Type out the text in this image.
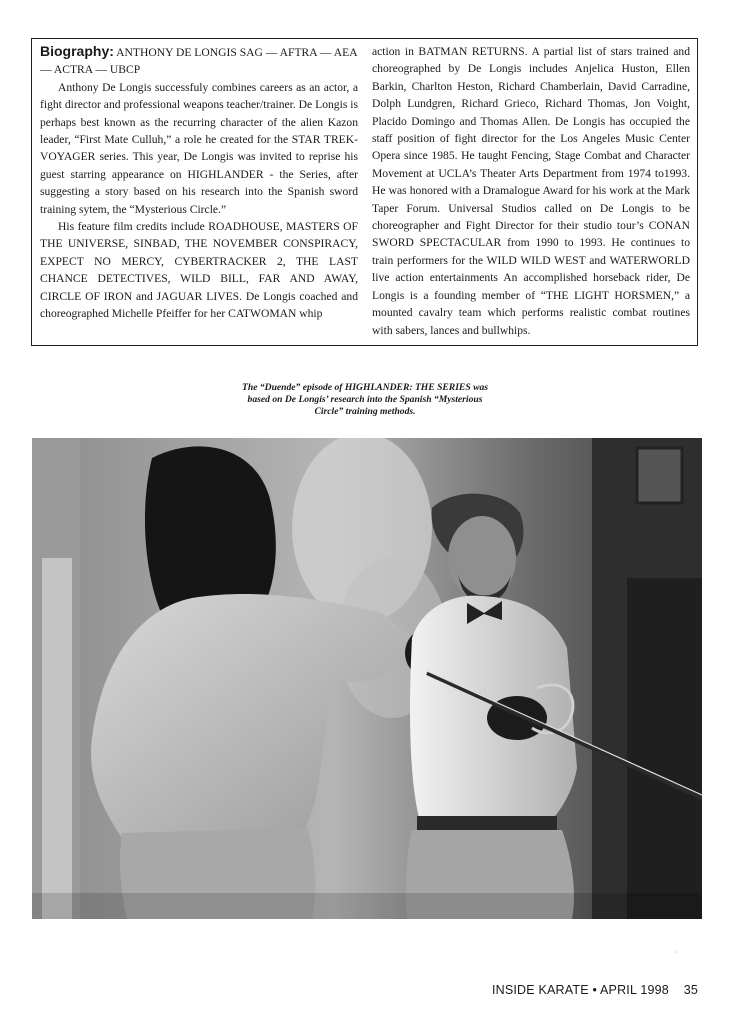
Biography: ANTHONY DE LONGIS SAG — AFTRA — AEA — ACTRA — UBCP

Anthony De Longis successfuly combines careers as an actor, a fight director and professional weapons teacher/trainer. De Longis is perhaps best known as the recurring character of the alien Kazon leader, “First Mate Culluh,” a role he created for the STAR TREK-VOYAGER series. This year, De Longis was invited to reprise his guest starring appearance on HIGHLANDER - the Series, after suggesting a story based on his research into the Spanish sword training sytem, the “Mysterious Circle.”

His feature film credits include ROADHOUSE, MASTERS OF THE UNIVERSE, SINBAD, THE NOVEMBER CONSPIRACY, EXPECT NO MERCY, CYBERTRACKER 2, THE LAST CHANCE DETECTIVES, WILD BILL, FAR AND AWAY, CIRCLE OF IRON and JAGUAR LIVES. De Longis coached and choreographed Michelle Pfeiffer for her CATWOMAN whip

action in BATMAN RETURNS. A partial list of stars trained and choreographed by De Longis includes Anjelica Huston, Ellen Barkin, Charlton Heston, Richard Chamberlain, David Carradine, Dolph Lundgren, Richard Grieco, Richard Thomas, Jon Voight, Placido Domingo and Thomas Allen. De Longis has occupied the staff position of fight director for the Los Angeles Music Center Opera since 1985. He taught Fencing, Stage Combat and Character Movement at UCLA’s Theater Arts Department from 1974 to1993. He was honored with a Dramalogue Award for his work at the Mark Taper Forum. Universal Studios called on De Longis to be choreographer and Fight Director for their studio tour’s CONAN SWORD SPECTACULAR from 1990 to 1993. He continues to train performers for the WILD WILD WEST and WATERWORLD live action entertainments An accomplished horseback rider, De Longis is a founding member of “THE LIGHT HORSMEN,” a mounted cavalry team which performs realistic combat routines with sabers, lances and bullwhips.

The “Duende” episode of HIGHLANDER: THE SERIES was based on De Longis’ research into the Spanish “Mysterious Circle” training methods.
·
INSIDE KARATE • APRIL 1998 35
